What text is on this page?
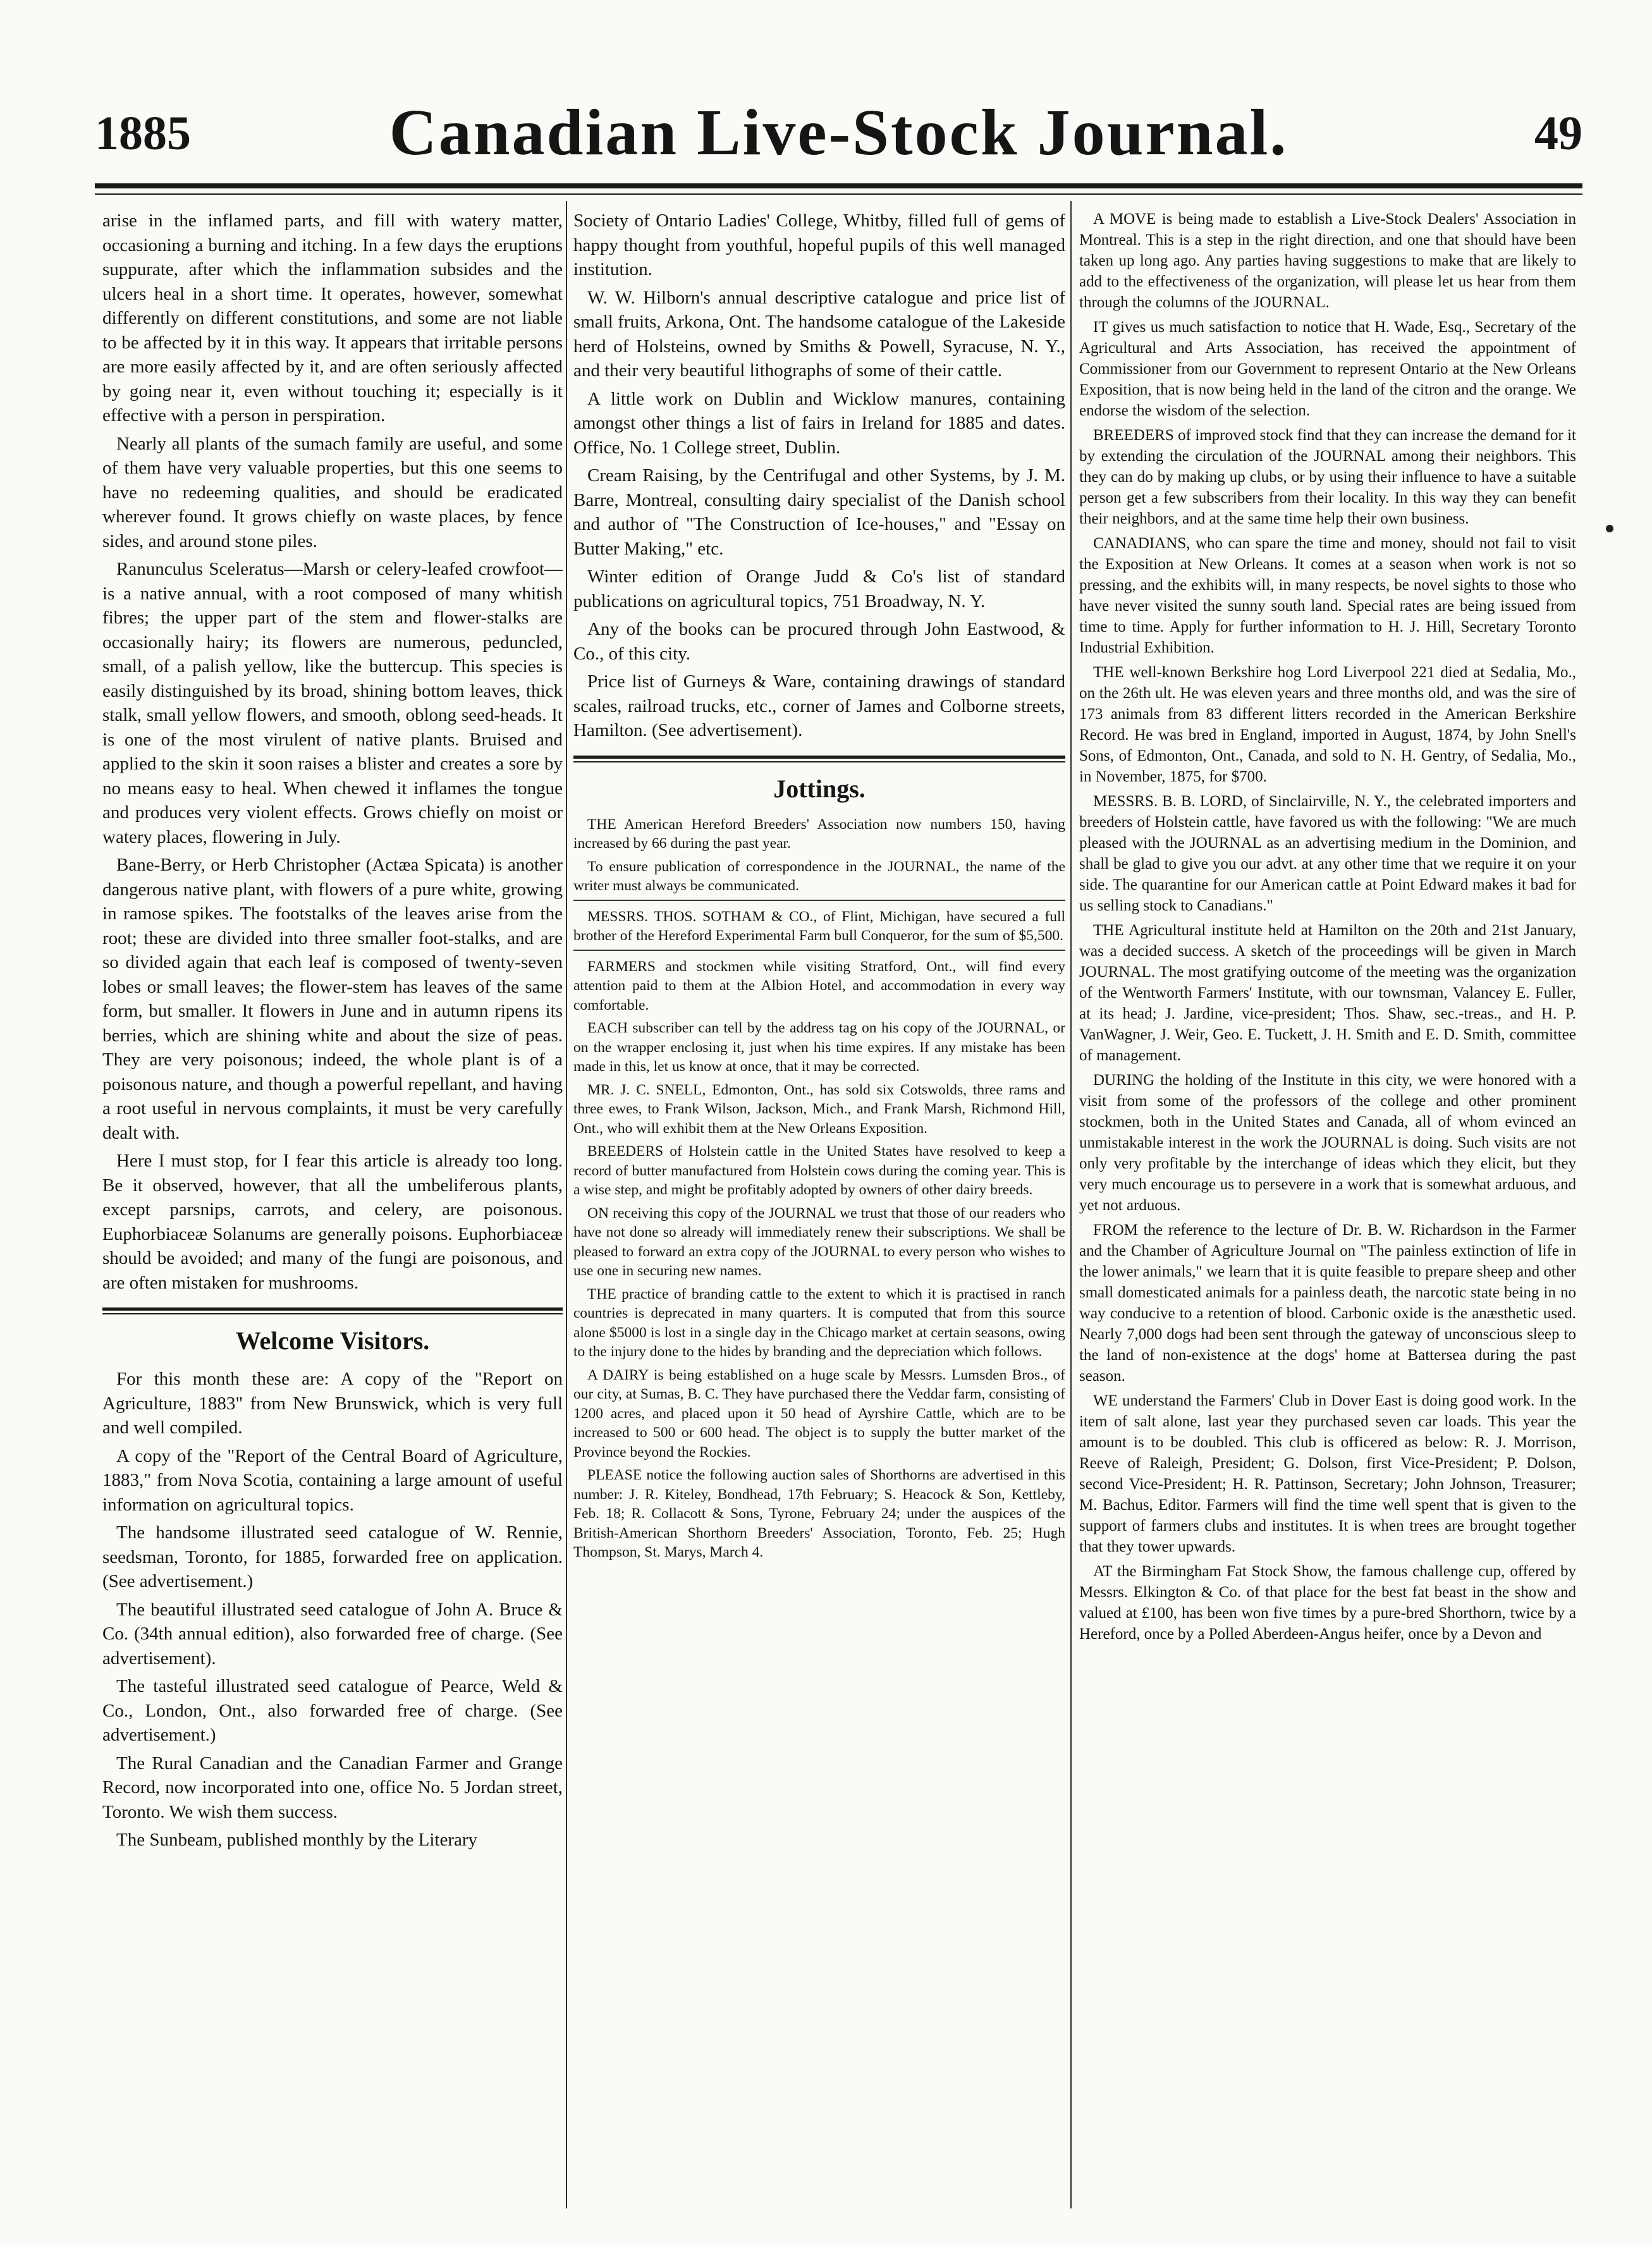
1885	Canadian Live-Stock Journal.	49

arise in the inflamed parts, and fill with watery matter, occasioning a burning and itching. In a few days the eruptions suppurate, after which the inflammation subsides and the ulcers heal in a short time. It operates, however, somewhat differently on different constitutions, and some are not liable to be affected by it in this way. It appears that irritable persons are more easily affected by it, and are often seriously affected by going near it, even without touching it; especially is it effective with a person in perspiration.

Nearly all plants of the sumach family are useful, and some of them have very valuable properties, but this one seems to have no redeeming qualities, and should be eradicated wherever found. It grows chiefly on waste places, by fence sides, and around stone piles.

Ranunculus Sceleratus—Marsh or celery-leafed crowfoot—is a native annual, with a root composed of many whitish fibres; the upper part of the stem and flower-stalks are occasionally hairy; its flowers are numerous, peduncled, small, of a palish yellow, like the buttercup. This species is easily distinguished by its broad, shining bottom leaves, thick stalk, small yellow flowers, and smooth, oblong seed-heads. It is one of the most virulent of native plants. Bruised and applied to the skin it soon raises a blister and creates a sore by no means easy to heal. When chewed it inflames the tongue and produces very violent effects. Grows chiefly on moist or watery places, flowering in July.

Bane-Berry, or Herb Christopher (Actæa Spicata) is another dangerous native plant, with flowers of a pure white, growing in ramose spikes. The footstalks of the leaves arise from the root; these are divided into three smaller foot-stalks, and are so divided again that each leaf is composed of twenty-seven lobes or small leaves; the flower-stem has leaves of the same form, but smaller. It flowers in June and in autumn ripens its berries, which are shining white and about the size of peas. They are very poisonous; indeed, the whole plant is of a poisonous nature, and though a powerful repellant, and having a root useful in nervous complaints, it must be very carefully dealt with.

Here I must stop, for I fear this article is already too long. Be it observed, however, that all the umbeliferous plants, except parsnips, carrots, and celery, are poisonous. Euphorbiaceæ Solanums are generally poisons. Euphorbiaceæ should be avoided; and many of the fungi are poisonous, and are often mistaken for mushrooms.

Welcome Visitors.

For this month these are: A copy of the "Report on Agriculture, 1883" from New Brunswick, which is very full and well compiled.

A copy of the "Report of the Central Board of Agriculture, 1883," from Nova Scotia, containing a large amount of useful information on agricultural topics.

The handsome illustrated seed catalogue of W. Rennie, seedsman, Toronto, for 1885, forwarded free on application. (See advertisement.)

The beautiful illustrated seed catalogue of John A. Bruce & Co. (34th annual edition), also forwarded free of charge. (See advertisement).

The tasteful illustrated seed catalogue of Pearce, Weld & Co., London, Ont., also forwarded free of charge. (See advertisement.)

The Rural Canadian and the Canadian Farmer and Grange Record, now incorporated into one, office No. 5 Jordan street, Toronto. We wish them success.

The Sunbeam, published monthly by the Literary

Society of Ontario Ladies' College, Whitby, filled full of gems of happy thought from youthful, hopeful pupils of this well managed institution.

W. W. Hilborn's annual descriptive catalogue and price list of small fruits, Arkona, Ont. The handsome catalogue of the Lakeside herd of Holsteins, owned by Smiths & Powell, Syracuse, N. Y., and their very beautiful lithographs of some of their cattle.

A little work on Dublin and Wicklow manures, containing amongst other things a list of fairs in Ireland for 1885 and dates. Office, No. 1 College street, Dublin.

Cream Raising, by the Centrifugal and other Systems, by J. M. Barre, Montreal, consulting dairy specialist of the Danish school and author of "The Construction of Ice-houses," and "Essay on Butter Making," etc.

Winter edition of Orange Judd & Co's list of standard publications on agricultural topics, 751 Broadway, N. Y.

Any of the books can be procured through John Eastwood, & Co., of this city.

Price list of Gurneys & Ware, containing drawings of standard scales, railroad trucks, etc., corner of James and Colborne streets, Hamilton. (See advertisement).

Jottings.

THE American Hereford Breeders' Association now numbers 150, having increased by 66 during the past year.

To ensure publication of correspondence in the JOURNAL, the name of the writer must always be communicated.

MESSRS. THOS. SOTHAM & CO., of Flint, Michigan, have secured a full brother of the Hereford Experimental Farm bull Conqueror, for the sum of $5,500.

FARMERS and stockmen while visiting Stratford, Ont., will find every attention paid to them at the Albion Hotel, and accommodation in every way comfortable.

EACH subscriber can tell by the address tag on his copy of the JOURNAL, or on the wrapper enclosing it, just when his time expires. If any mistake has been made in this, let us know at once, that it may be corrected.

MR. J. C. SNELL, Edmonton, Ont., has sold six Cotswolds, three rams and three ewes, to Frank Wilson, Jackson, Mich., and Frank Marsh, Richmond Hill, Ont., who will exhibit them at the New Orleans Exposition.

BREEDERS of Holstein cattle in the United States have resolved to keep a record of butter manufactured from Holstein cows during the coming year. This is a wise step, and might be profitably adopted by owners of other dairy breeds.

ON receiving this copy of the JOURNAL we trust that those of our readers who have not done so already will immediately renew their subscriptions. We shall be pleased to forward an extra copy of the JOURNAL to every person who wishes to use one in securing new names.

THE practice of branding cattle to the extent to which it is practised in ranch countries is deprecated in many quarters. It is computed that from this source alone $5000 is lost in a single day in the Chicago market at certain seasons, owing to the injury done to the hides by branding and the depreciation which follows.

A DAIRY is being established on a huge scale by Messrs. Lumsden Bros., of our city, at Sumas, B. C. They have purchased there the Veddar farm, consisting of 1200 acres, and placed upon it 50 head of Ayrshire Cattle, which are to be increased to 500 or 600 head. The object is to supply the butter market of the Province beyond the Rockies.

PLEASE notice the following auction sales of Shorthorns are advertised in this number: J. R. Kiteley, Bondhead, 17th February; S. Heacock & Son, Kettleby, Feb. 18; R. Collacott & Sons, Tyrone, February 24; under the auspices of the British-American Shorthorn Breeders' Association, Toronto, Feb. 25; Hugh Thompson, St. Marys, March 4.

A MOVE is being made to establish a Live-Stock Dealers' Association in Montreal. This is a step in the right direction, and one that should have been taken up long ago. Any parties having suggestions to make that are likely to add to the effectiveness of the organization, will please let us hear from them through the columns of the JOURNAL.

IT gives us much satisfaction to notice that H. Wade, Esq., Secretary of the Agricultural and Arts Association, has received the appointment of Commissioner from our Government to represent Ontario at the New Orleans Exposition, that is now being held in the land of the citron and the orange. We endorse the wisdom of the selection.

BREEDERS of improved stock find that they can increase the demand for it by extending the circulation of the JOURNAL among their neighbors. This they can do by making up clubs, or by using their influence to have a suitable person get a few subscribers from their locality. In this way they can benefit their neighbors, and at the same time help their own business.

CANADIANS, who can spare the time and money, should not fail to visit the Exposition at New Orleans. It comes at a season when work is not so pressing, and the exhibits will, in many respects, be novel sights to those who have never visited the sunny south land. Special rates are being issued from time to time. Apply for further information to H. J. Hill, Secretary Toronto Industrial Exhibition.

THE well-known Berkshire hog Lord Liverpool 221 died at Sedalia, Mo., on the 26th ult. He was eleven years and three months old, and was the sire of 173 animals from 83 different litters recorded in the American Berkshire Record. He was bred in England, imported in August, 1874, by John Snell's Sons, of Edmonton, Ont., Canada, and sold to N. H. Gentry, of Sedalia, Mo., in November, 1875, for $700.

MESSRS. B. B. LORD, of Sinclairville, N. Y., the celebrated importers and breeders of Holstein cattle, have favored us with the following: "We are much pleased with the JOURNAL as an advertising medium in the Dominion, and shall be glad to give you our advt. at any other time that we require it on your side. The quarantine for our American cattle at Point Edward makes it bad for us selling stock to Canadians."

THE Agricultural institute held at Hamilton on the 20th and 21st January, was a decided success. A sketch of the proceedings will be given in March JOURNAL. The most gratifying outcome of the meeting was the organization of the Wentworth Farmers' Institute, with our townsman, Valancey E. Fuller, at its head; J. Jardine, vice-president; Thos. Shaw, sec.-treas., and H. P. VanWagner, J. Weir, Geo. E. Tuckett, J. H. Smith and E. D. Smith, committee of management.

DURING the holding of the Institute in this city, we were honored with a visit from some of the professors of the college and other prominent stockmen, both in the United States and Canada, all of whom evinced an unmistakable interest in the work the JOURNAL is doing. Such visits are not only very profitable by the interchange of ideas which they elicit, but they very much encourage us to persevere in a work that is somewhat arduous, and yet not arduous.

FROM the reference to the lecture of Dr. B. W. Richardson in the Farmer and the Chamber of Agriculture Journal on "The painless extinction of life in the lower animals," we learn that it is quite feasible to prepare sheep and other small domesticated animals for a painless death, the narcotic state being in no way conducive to a retention of blood. Carbonic oxide is the anæsthetic used. Nearly 7,000 dogs had been sent through the gateway of unconscious sleep to the land of non-existence at the dogs' home at Battersea during the past season.

WE understand the Farmers' Club in Dover East is doing good work. In the item of salt alone, last year they purchased seven car loads. This year the amount is to be doubled. This club is officered as below: R. J. Morrison, Reeve of Raleigh, President; G. Dolson, first Vice-President; P. Dolson, second Vice-President; H. R. Pattinson, Secretary; John Johnson, Treasurer; M. Bachus, Editor. Farmers will find the time well spent that is given to the support of farmers clubs and institutes. It is when trees are brought together that they tower upwards.

AT the Birmingham Fat Stock Show, the famous challenge cup, offered by Messrs. Elkington & Co. of that place for the best fat beast in the show and valued at £100, has been won five times by a pure-bred Shorthorn, twice by a Hereford, once by a Polled Aberdeen-Angus heifer, once by a Devon and
